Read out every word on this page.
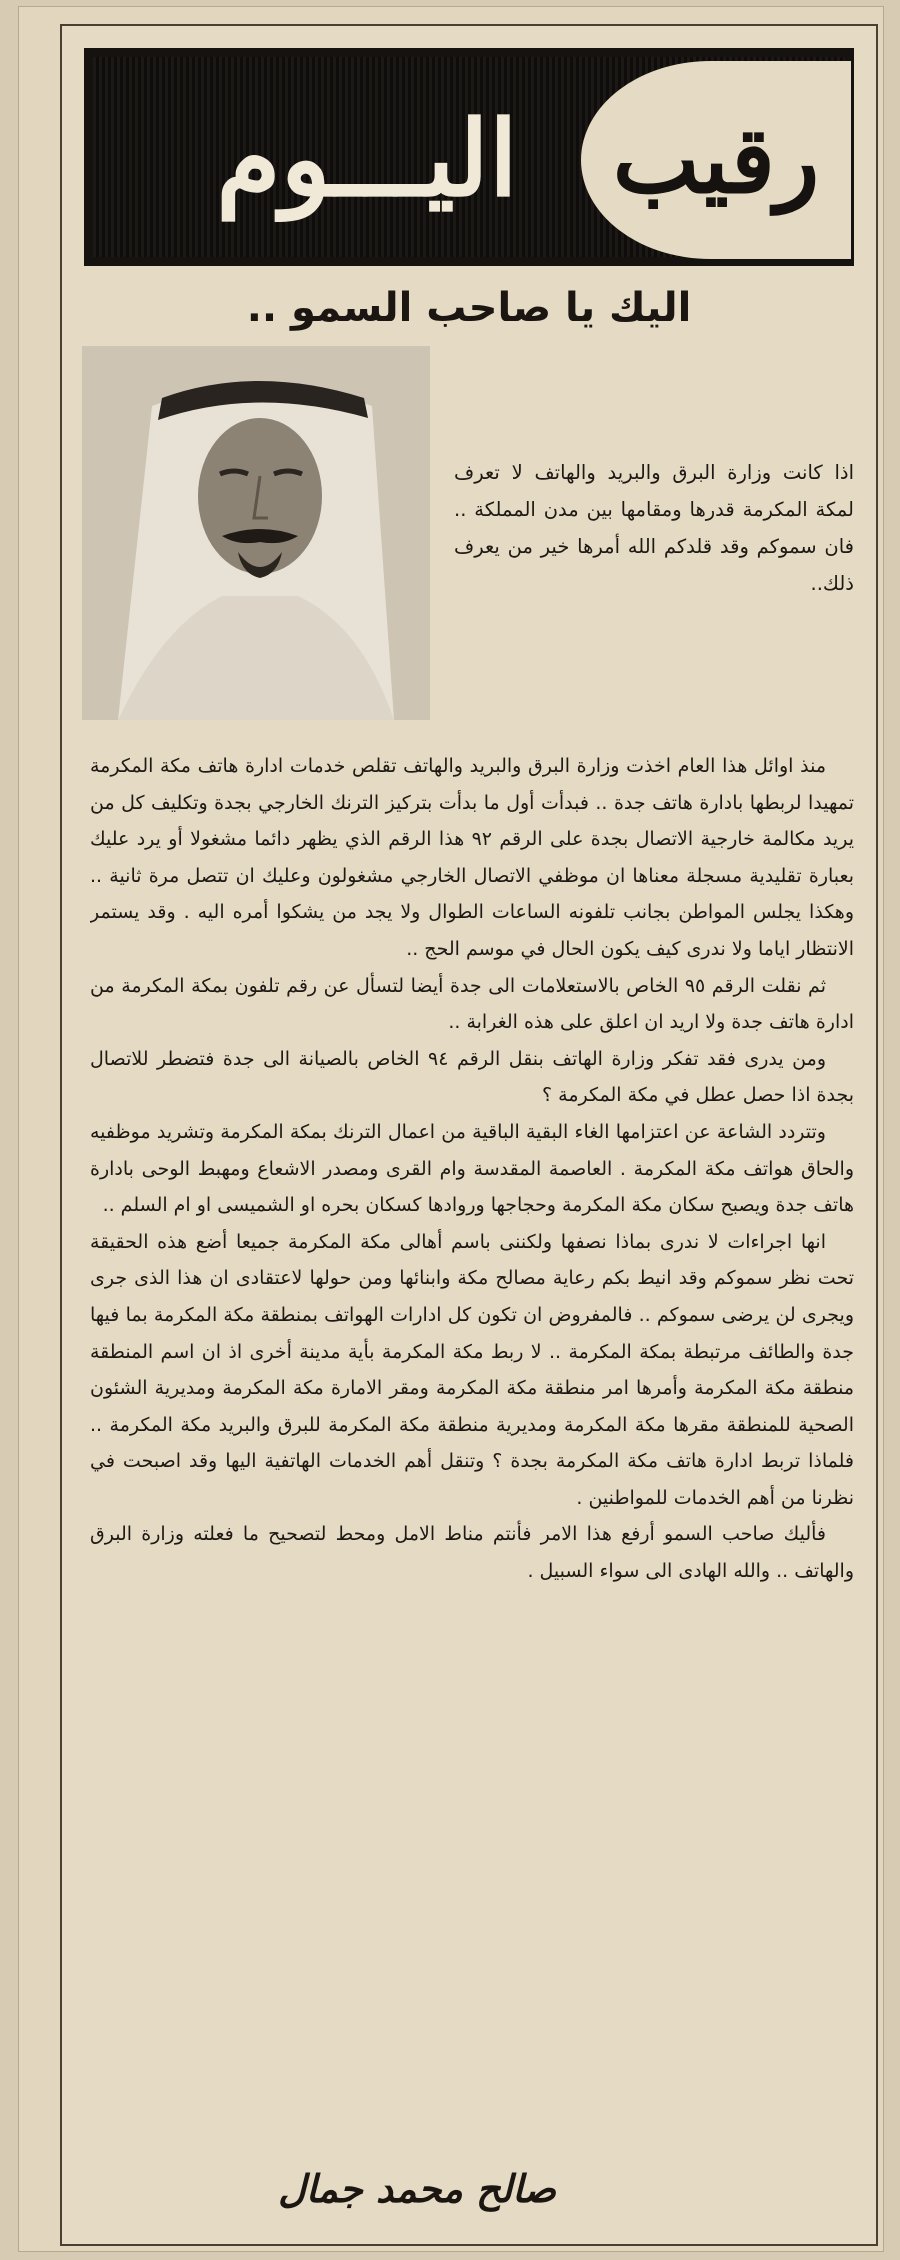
اليـــوم رقيب
اليك يا صاحب السمو ..
اذا كانت وزارة البرق والبريد والهاتف لا تعرف لمكة المكرمة قدرها ومقامها بين مدن المملكة .. فان سموكم وقد قلدكم الله أمرها خير من يعرف ذلك..

منذ اوائل هذا العام اخذت وزارة البرق والبريد والهاتف تقلص خدمات ادارة هاتف مكة المكرمة تمهيدا لربطها بادارة هاتف جدة .. فبدأت أول ما بدأت بتركيز الترنك الخارجي بجدة وتكليف كل من يريد مكالمة خارجية الاتصال بجدة على الرقم ٩٢ هذا الرقم الذي يظهر دائما مشغولا أو يرد عليك بعبارة تقليدية مسجلة معناها ان موظفي الاتصال الخارجي مشغولون وعليك ان تتصل مرة ثانية .. وهكذا يجلس المواطن بجانب تلفونه الساعات الطوال ولا يجد من يشكوا أمره اليه . وقد يستمر الانتظار اياما ولا ندرى كيف يكون الحال في موسم الحج ..

ثم نقلت الرقم ٩٥ الخاص بالاستعلامات الى جدة أيضا لتسأل عن رقم تلفون بمكة المكرمة من ادارة هاتف جدة ولا اريد ان اعلق على هذه الغرابة ..

ومن يدرى فقد تفكر وزارة الهاتف بنقل الرقم ٩٤ الخاص بالصيانة الى جدة فتضطر للاتصال بجدة اذا حصل عطل في مكة المكرمة ؟

وتتردد الشاعة عن اعتزامها الغاء البقية الباقية من اعمال الترنك بمكة المكرمة وتشريد موظفيه والحاق هواتف مكة المكرمة . العاصمة المقدسة وام القرى ومصدر الاشعاع ومهبط الوحى بادارة هاتف جدة ويصبح سكان مكة المكرمة وحجاجها وروادها كسكان بحره او الشميسى او ام السلم ..

انها اجراءات لا ندرى بماذا نصفها ولكننى باسم أهالى مكة المكرمة جميعا أضع هذه الحقيقة تحت نظر سموكم وقد انيط بكم رعاية مصالح مكة وابنائها ومن حولها لاعتقادى ان هذا الذى جرى ويجرى لن يرضى سموكم .. فالمفروض ان تكون كل ادارات الهواتف بمنطقة مكة المكرمة بما فيها جدة والطائف مرتبطة بمكة المكرمة .. لا ربط مكة المكرمة بأية مدينة أخرى اذ ان اسم المنطقة منطقة مكة المكرمة وأمرها امر منطقة مكة المكرمة ومقر الامارة مكة المكرمة ومديرية الشئون الصحية للمنطقة مقرها مكة المكرمة ومديرية منطقة مكة المكرمة للبرق والبريد مكة المكرمة .. فلماذا تربط ادارة هاتف مكة المكرمة بجدة ؟ وتنقل أهم الخدمات الهاتفية اليها وقد اصبحت في نظرنا من أهم الخدمات للمواطنين .

فأليك صاحب السمو أرفع هذا الامر فأنتم مناط الامل ومحط لتصحيح ما فعلته وزارة البرق والهاتف .. والله الهادى الى سواء السبيل .

صالح محمد جمال
